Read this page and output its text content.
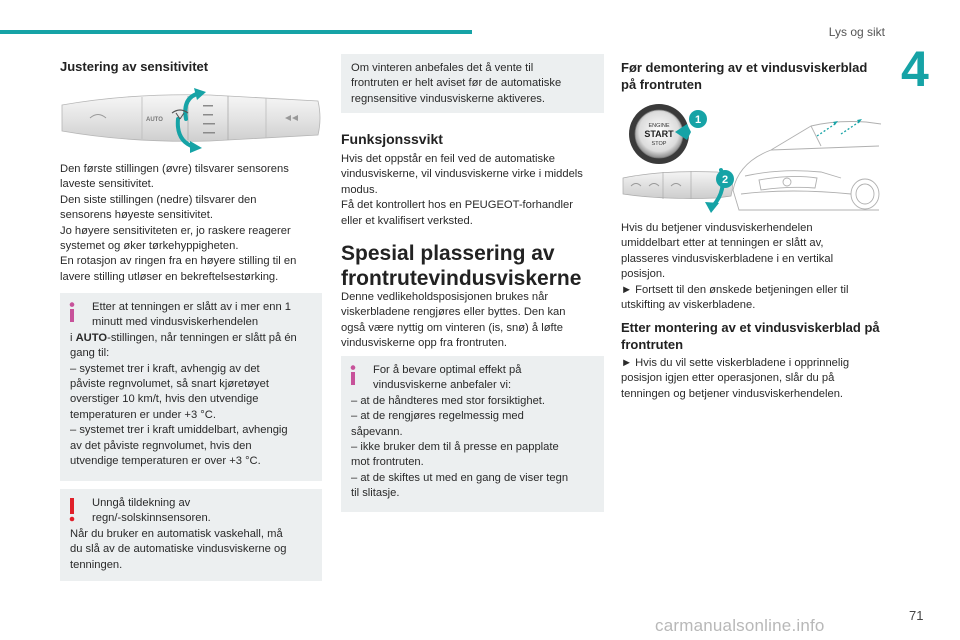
Lys og sikt
4
Justering av sensitivitet
AUTO
Den første stillingen (øvre) tilsvarer sensorens
laveste sensitivitet.
Den siste stillingen (nedre) tilsvarer den
sensorens høyeste sensitivitet.
Jo høyere sensitiviteten er, jo raskere reagerer
systemet og øker tørkehyppigheten.
En rotasjon av ringen fra en høyere stilling til en
lavere stilling utløser en bekreftelsestørking.
Etter at tenningen er slått av i mer enn 1
minutt med vindusviskerhendelen
i AUTO-stillingen, når tenningen er slått på én
gang til:
– systemet trer i kraft, avhengig av det
påviste regnvolumet, så snart kjøretøyet
overstiger 10 km/t, hvis den utvendige
temperaturen er under +3 °C.
– systemet trer i kraft umiddelbart, avhengig
av det påviste regnvolumet, hvis den
utvendige temperaturen er over +3 °C.
Unngå tildekning av
regn/-solskinnsensoren.
Når du bruker en automatisk vaskehall, må
du slå av de automatiske vindusviskerne og
tenningen.
Om vinteren anbefales det å vente til
frontruten er helt aviset før de automatiske
regnsensitive vindusviskerne aktiveres.
Funksjonssvikt
Hvis det oppstår en feil ved de automatiske
vindusviskerne, vil vindusviskerne virke i middels
modus.
Få det kontrollert hos en PEUGEOT-forhandler
eller et kvalifisert verksted.
Spesial plassering av
frontrutevindusviskerne
Denne vedlikeholdsposisjonen brukes når
viskerbladene rengjøres eller byttes. Den kan
også være nyttig om vinteren (is, snø) å løfte
vindusviskerne opp fra frontruten.
For å bevare optimal effekt på
vindusviskerne anbefaler vi:
– at de håndteres med stor forsiktighet.
– at de rengjøres regelmessig med
såpevann.
– ikke bruker dem til å presse en papplate
mot frontruten.
– at de skiftes ut med en gang de viser tegn
til slitasje.
Før demontering av et vindusviskerblad
på frontruten
ENGINE
START
STOP
1
2
Hvis du betjener vindusviskerhendelen
umiddelbart etter at tenningen er slått av,
plasseres vindusviskerbladene i en vertikal
posisjon.
► Fortsett til den ønskede betjeningen eller til
utskifting av viskerbladene.
Etter montering av et vindusviskerblad på
frontruten
► Hvis du vil sette viskerbladene i opprinnelig
posisjon igjen etter operasjonen, slår du på
tenningen og betjener vindusviskerhendelen.
carmanualsonline.info
71
